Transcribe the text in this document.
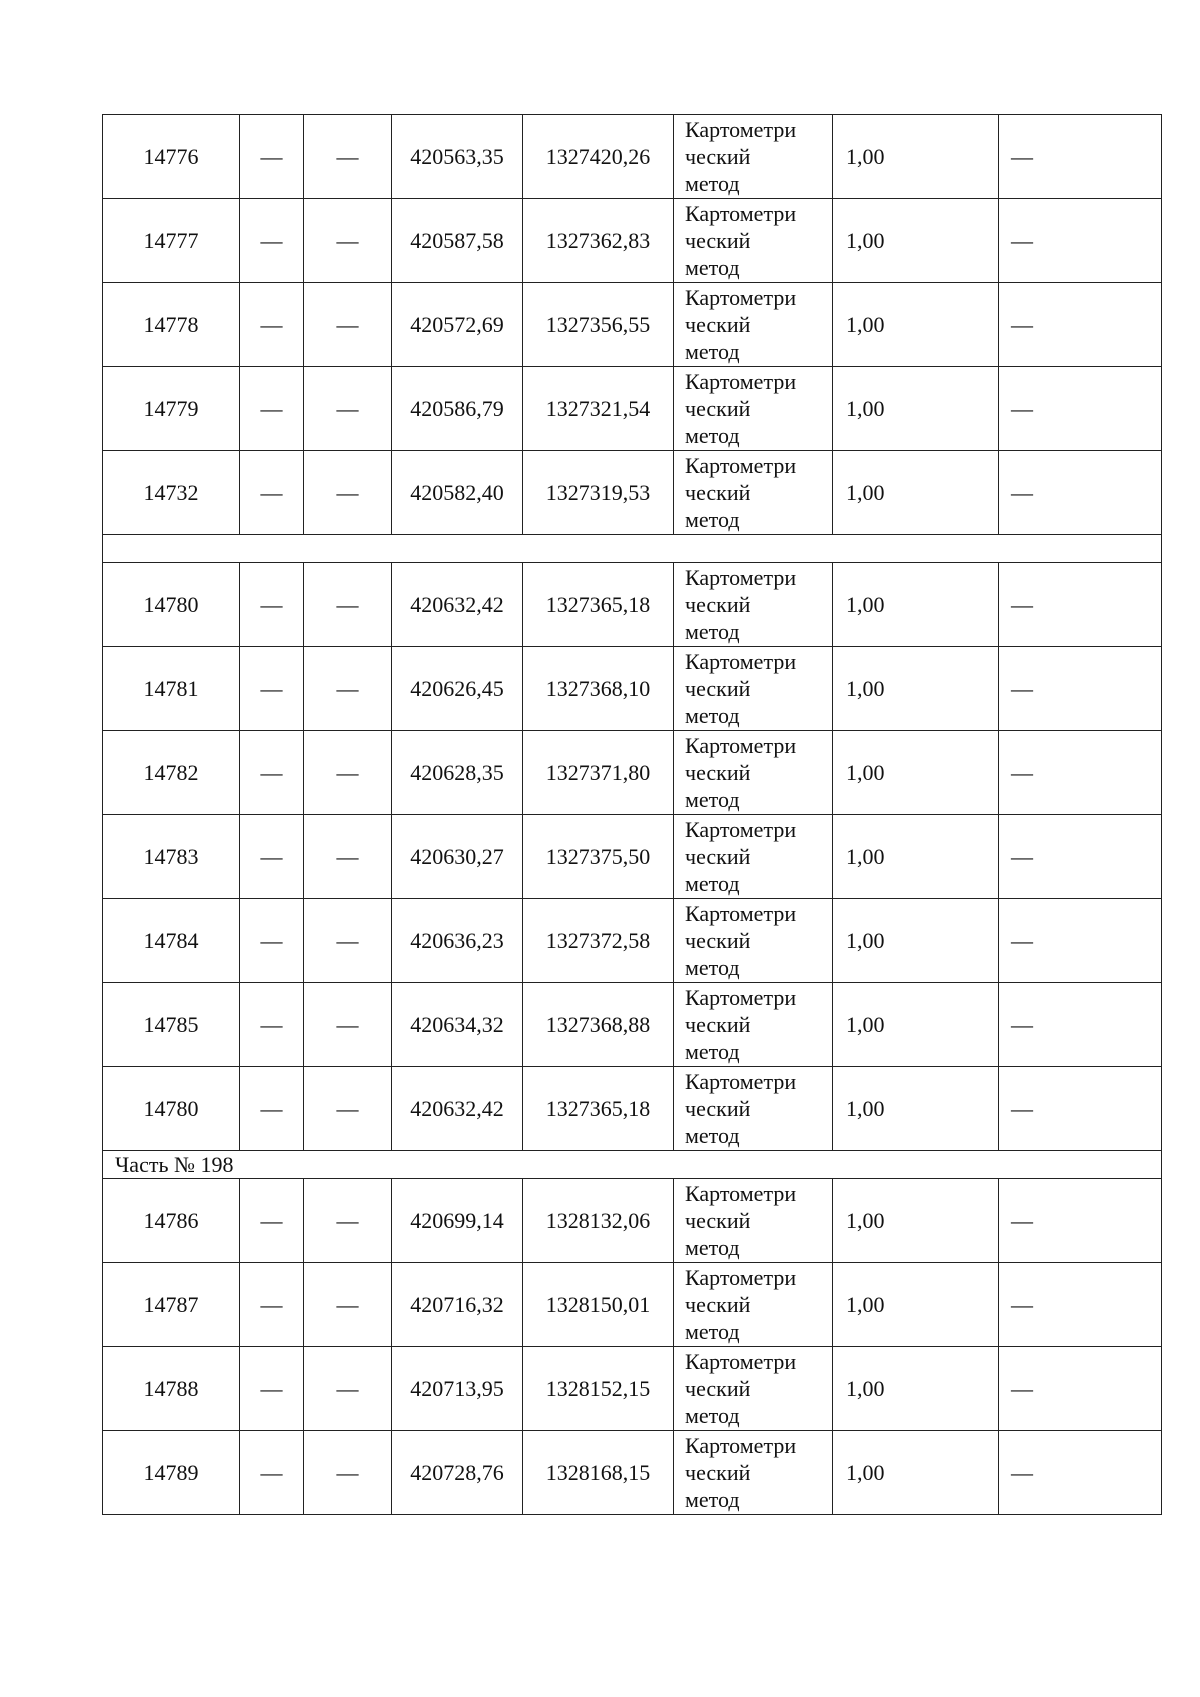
14776	—	—	420563,35	1327420,26	Картометри
ческий
метод	1,00	—
14777	—	—	420587,58	1327362,83	Картометри
ческий
метод	1,00	—
14778	—	—	420572,69	1327356,55	Картометри
ческий
метод	1,00	—
14779	—	—	420586,79	1327321,54	Картометри
ческий
метод	1,00	—
14732	—	—	420582,40	1327319,53	Картометри
ческий
метод	1,00	—

14780	—	—	420632,42	1327365,18	Картометри
ческий
метод	1,00	—
14781	—	—	420626,45	1327368,10	Картометри
ческий
метод	1,00	—
14782	—	—	420628,35	1327371,80	Картометри
ческий
метод	1,00	—
14783	—	—	420630,27	1327375,50	Картометри
ческий
метод	1,00	—
14784	—	—	420636,23	1327372,58	Картометри
ческий
метод	1,00	—
14785	—	—	420634,32	1327368,88	Картометри
ческий
метод	1,00	—
14780	—	—	420632,42	1327365,18	Картометри
ческий
метод	1,00	—
Часть № 198							
14786	—	—	420699,14	1328132,06	Картометри
ческий
метод	1,00	—
14787	—	—	420716,32	1328150,01	Картометри
ческий
метод	1,00	—
14788	—	—	420713,95	1328152,15	Картометри
ческий
метод	1,00	—
14789	—	—	420728,76	1328168,15	Картометри
ческий
метод	1,00	—
